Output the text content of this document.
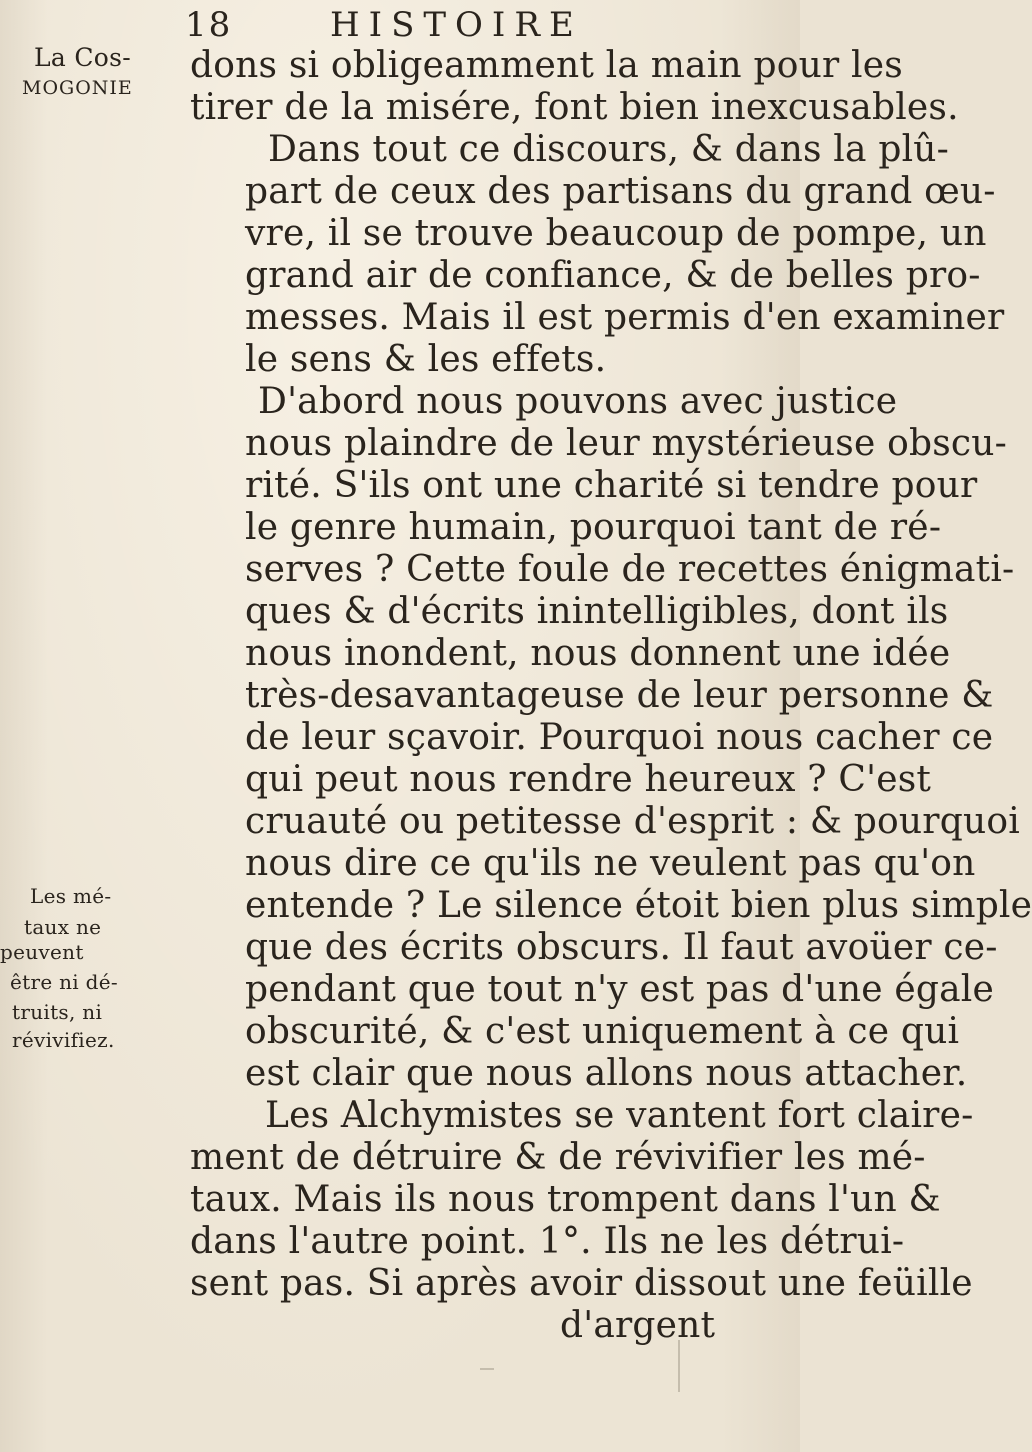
18	HISTOIRE
La Cos-
MOGONIE
Les mé-
taux ne
peuvent
être ni dé-
truits, ni
révivifiez.
dons si obligeamment la main pour les
tirer de la misére, font bien inexcusables.
Dans tout ce discours, & dans la plû-
part de ceux des partisans du grand œu-
vre, il se trouve beaucoup de pompe, un
grand air de confiance, & de belles pro-
messes. Mais il est permis d'en examiner
le sens & les effets.
D'abord nous pouvons avec justice
nous plaindre de leur mystérieuse obscu-
rité. S'ils ont une charité si tendre pour
le genre humain, pourquoi tant de ré-
serves ? Cette foule de recettes énigmati-
ques & d'écrits inintelligibles, dont ils
nous inondent, nous donnent une idée
très-desavantageuse de leur personne &
de leur sçavoir. Pourquoi nous cacher ce
qui peut nous rendre heureux ? C'est
cruauté ou petitesse d'esprit : & pourquoi
nous dire ce qu'ils ne veulent pas qu'on
entende ? Le silence étoit bien plus simple
que des écrits obscurs. Il faut avoüer ce-
pendant que tout n'y est pas d'une égale
obscurité, & c'est uniquement à ce qui
est clair que nous allons nous attacher.
Les Alchymistes se vantent fort claire-
ment de détruire & de révivifier les mé-
taux. Mais ils nous trompent dans l'un &
dans l'autre point. 1°. Ils ne les détrui-
sent pas. Si après avoir dissout une feüille
d'argent
